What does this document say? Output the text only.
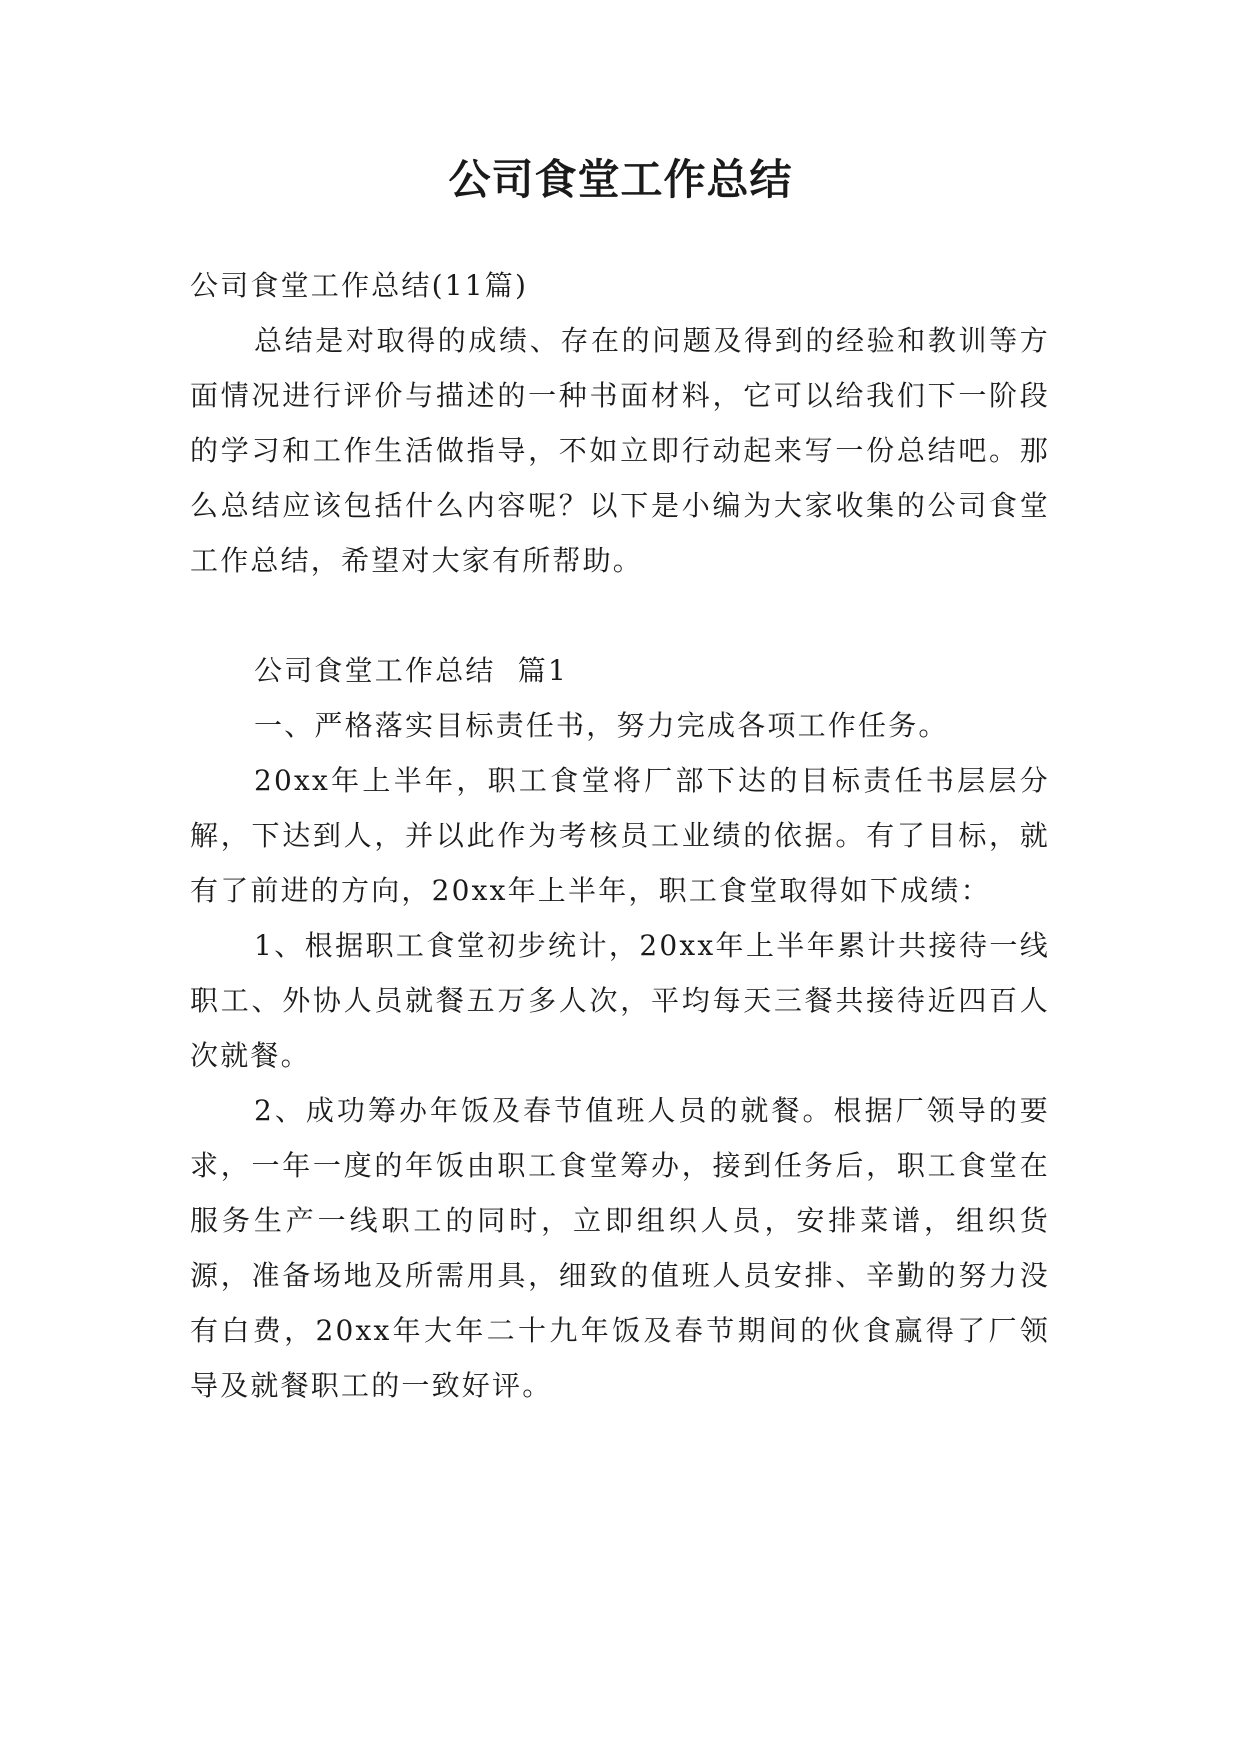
公司食堂工作总结

公司食堂工作总结(11篇)

总结是对取得的成绩、存在的问题及得到的经验和教训等方面情况进行评价与描述的一种书面材料，它可以给我们下一阶段的学习和工作生活做指导，不如立即行动起来写一份总结吧。那么总结应该包括什么内容呢？以下是小编为大家收集的公司食堂工作总结，希望对大家有所帮助。

公司食堂工作总结  篇1

一、严格落实目标责任书，努力完成各项工作任务。

20xx年上半年，职工食堂将厂部下达的目标责任书层层分解，下达到人，并以此作为考核员工业绩的依据。有了目标，就有了前进的方向，20xx年上半年，职工食堂取得如下成绩：

1、根据职工食堂初步统计，20xx年上半年累计共接待一线职工、外协人员就餐五万多人次，平均每天三餐共接待近四百人次就餐。

2、成功筹办年饭及春节值班人员的就餐。根据厂领导的要求，一年一度的年饭由职工食堂筹办，接到任务后，职工食堂在服务生产一线职工的同时，立即组织人员，安排菜谱，组织货源，准备场地及所需用具，细致的值班人员安排、辛勤的努力没有白费，20xx年大年二十九年饭及春节期间的伙食赢得了厂领导及就餐职工的一致好评。
